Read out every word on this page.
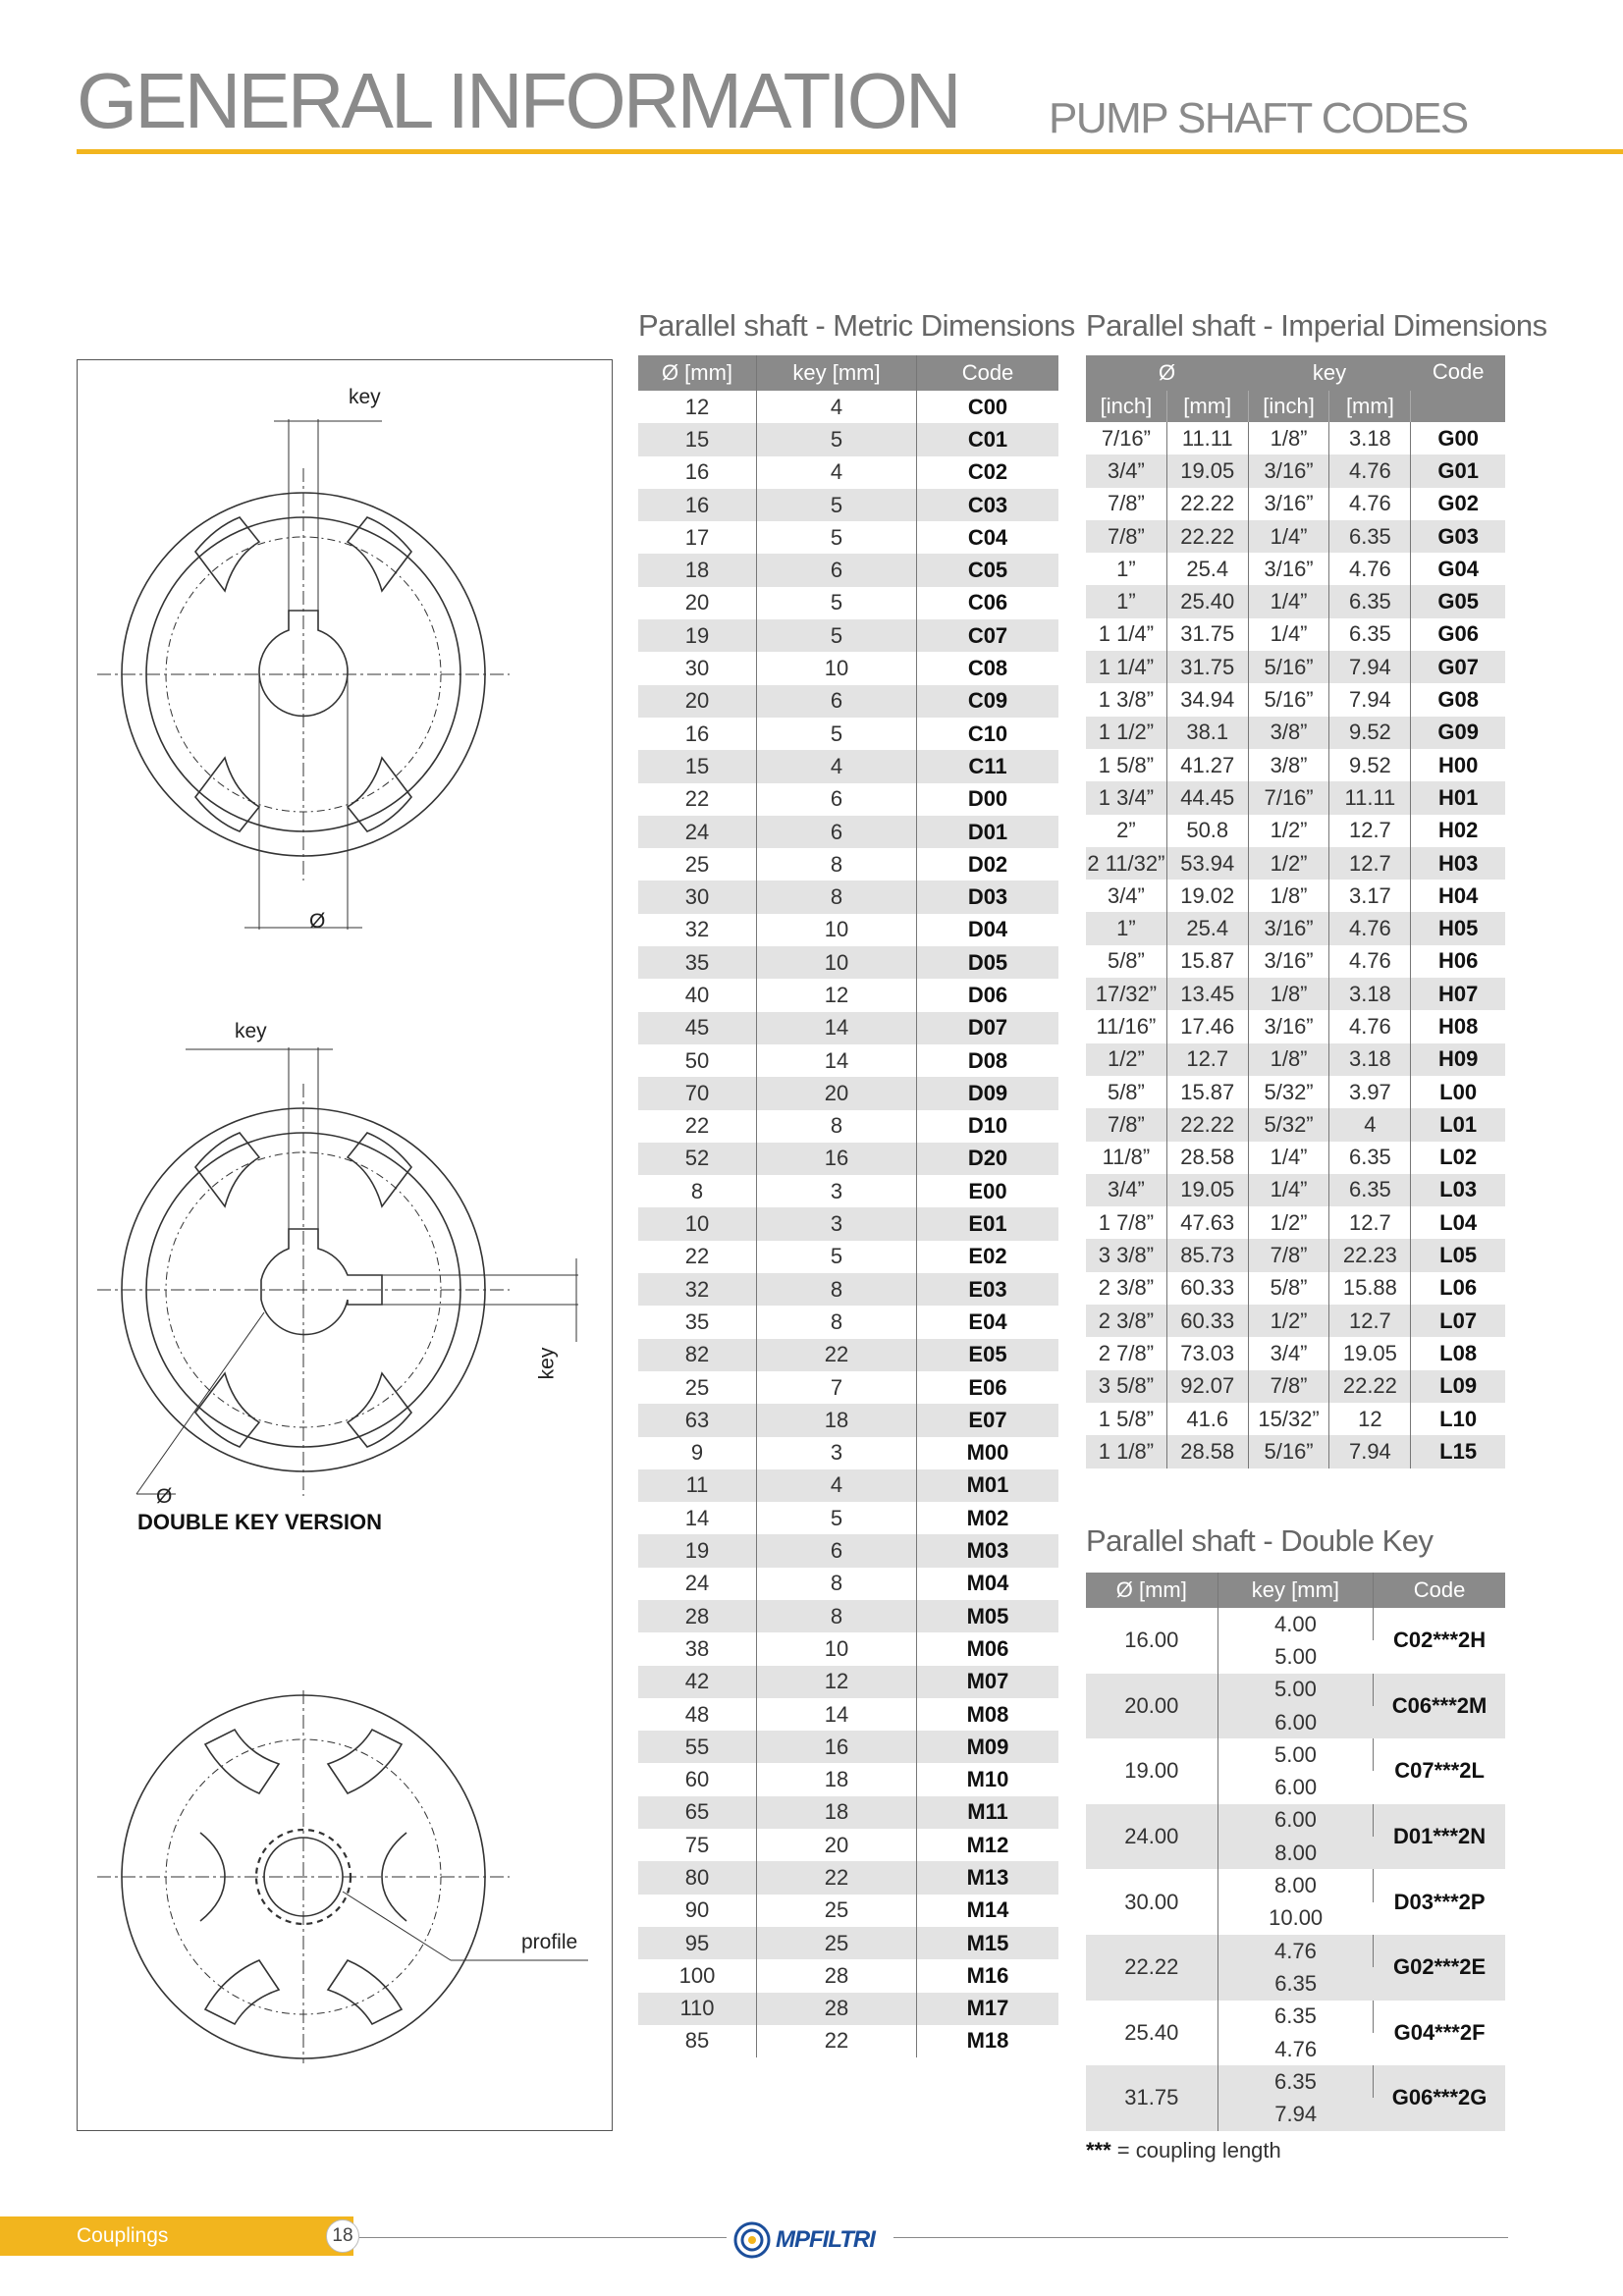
GENERAL INFORMATION PUMP SHAFT CODES
key
Ø
key
key
Ø
profile
DOUBLE KEY VERSION
Parallel shaft - Metric Dimensions
Ø [mm]	key [mm]	Code
12	4	C00
15	5	C01
16	4	C02
16	5	C03
17	5	C04
18	6	C05
20	5	C06
19	5	C07
30	10	C08
20	6	C09
16	5	C10
15	4	C11
22	6	D00
24	6	D01
25	8	D02
30	8	D03
32	10	D04
35	10	D05
40	12	D06
45	14	D07
50	14	D08
70	20	D09
22	8	D10
52	16	D20
8	3	E00
10	3	E01
22	5	E02
32	8	E03
35	8	E04
82	22	E05
25	7	E06
63	18	E07
9	3	M00
11	4	M01
14	5	M02
19	6	M03
24	8	M04
28	8	M05
38	10	M06
42	12	M07
48	14	M08
55	16	M09
60	18	M10
65	18	M11
75	20	M12
80	22	M13
90	25	M14
95	25	M15
100	28	M16
110	28	M17
85	22	M18
Parallel shaft - Imperial Dimensions
Ø		key		Code
[inch]	[mm]	[inch]	[mm]	
7/16”	11.11	1/8”	3.18	G00
3/4”	19.05	3/16”	4.76	G01
7/8”	22.22	3/16”	4.76	G02
7/8”	22.22	1/4”	6.35	G03
1”	25.4	3/16”	4.76	G04
1”	25.40	1/4”	6.35	G05
1 1/4”	31.75	1/4”	6.35	G06
1 1/4”	31.75	5/16”	7.94	G07
1 3/8”	34.94	5/16”	7.94	G08
1 1/2”	38.1	3/8”	9.52	G09
1 5/8”	41.27	3/8”	9.52	H00
1 3/4”	44.45	7/16”	11.11	H01
2”	50.8	1/2”	12.7	H02
2 11/32”	53.94	1/2”	12.7	H03
3/4”	19.02	1/8”	3.17	H04
1”	25.4	3/16”	4.76	H05
5/8”	15.87	3/16”	4.76	H06
17/32”	13.45	1/8”	3.18	H07
11/16”	17.46	3/16”	4.76	H08
1/2”	12.7	1/8”	3.18	H09
5/8”	15.87	5/32”	3.97	L00
7/8”	22.22	5/32”	4	L01
11/8”	28.58	1/4”	6.35	L02
3/4”	19.05	1/4”	6.35	L03
1 7/8”	47.63	1/2”	12.7	L04
3 3/8”	85.73	7/8”	22.23	L05
2 3/8”	60.33	5/8”	15.88	L06
2 3/8”	60.33	1/2”	12.7	L07
2 7/8”	73.03	3/4”	19.05	L08
3 5/8”	92.07	7/8”	22.22	L09
1 5/8”	41.6	15/32”	12	L10
1 1/8”	28.58	5/16”	7.94	L15
Parallel shaft - Double Key
Ø [mm]	key [mm]	Code
16.00	4.00	C02***2H
	5.00	
20.00	5.00	C06***2M
	6.00	
19.00	5.00	C07***2L
	6.00	
24.00	6.00	D01***2N
	8.00	
30.00	8.00	D03***2P
	10.00	
22.22	4.76	G02***2E
	6.35	
25.40	6.35	G04***2F
	4.76	
31.75	6.35	G06***2G
	7.94	
*** = coupling length
Couplings	18	MPFILTRI
